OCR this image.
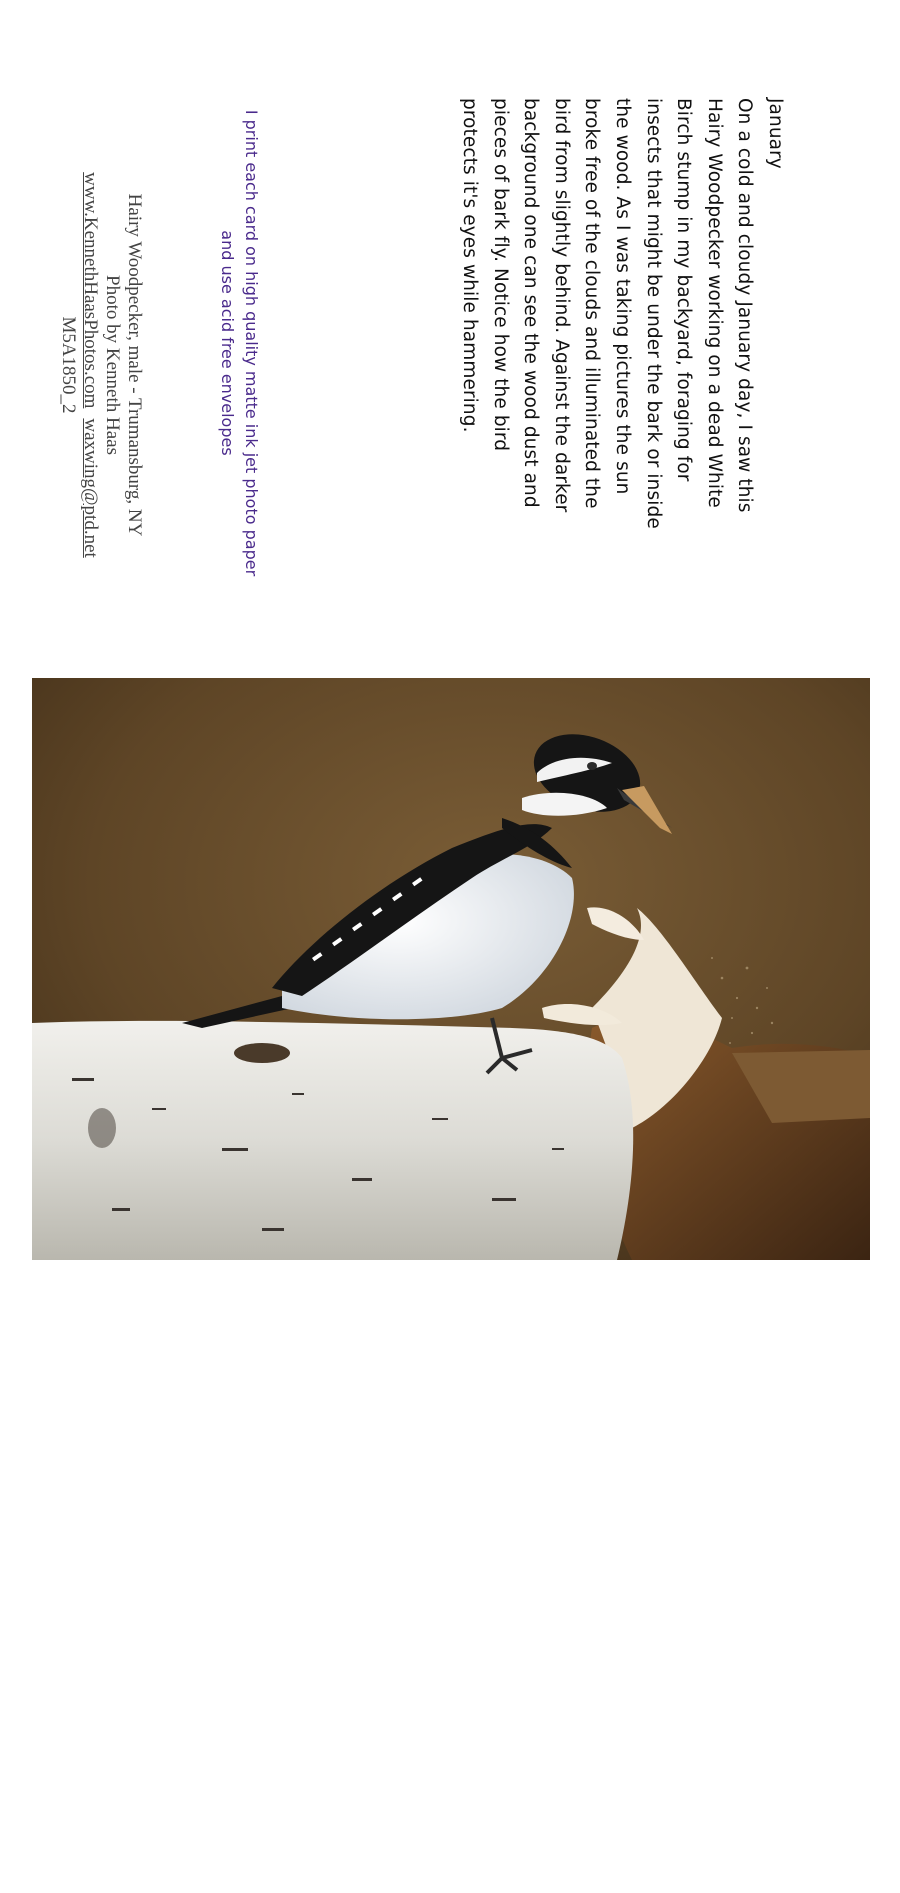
January
On a cold and cloudy January day, I saw this
Hairy Woodpecker working on a dead White
Birch stump in my backyard, foraging for
insects that might be under the bark or inside
the wood. As I was taking pictures the sun
broke free of the clouds and illuminated the
bird from slightly behind. Against the darker
background one can see the wood dust and
pieces of bark fly. Notice how the bird
protects it's eyes while hammering.
I print each card on high quality matte ink jet photo paper
and use acid free envelopes
Hairy Woodpecker, male - Trumansburg, NY
Photo by Kenneth Haas
www.KennethHaasPhotos.comwaxwing@ptd.net
M5A1850_2
KENNETH HAAS
